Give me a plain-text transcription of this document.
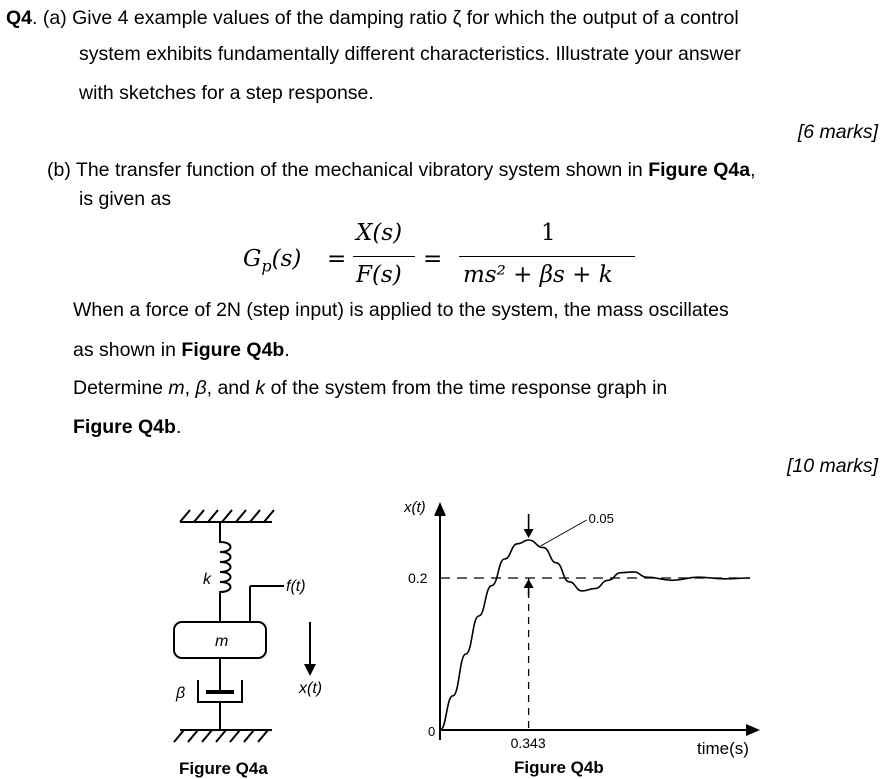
Q4. (a) Give 4 example values of the damping ratio ζ for which the output of a control
system exhibits fundamentally different characteristics. Illustrate your answer
with sketches for a step response.
[6 marks]
(b) The transfer function of the mechanical vibratory system shown in Figure Q4a,
is given as
$G_p(s)$ =
X(s)
F(s)
=
1
ms² + βs + k
When a force of 2N (step input) is applied to the system, the mass oscillates
as shown in Figure Q4b.
Determine m, β, and k of the system from the time response graph in
Figure Q4b.
[10 marks]
k
m
f(t)
x(t)
β
Figure Q4a
x(t)
time(s)
0
0.2
0.343
0.05
Figure Q4b
